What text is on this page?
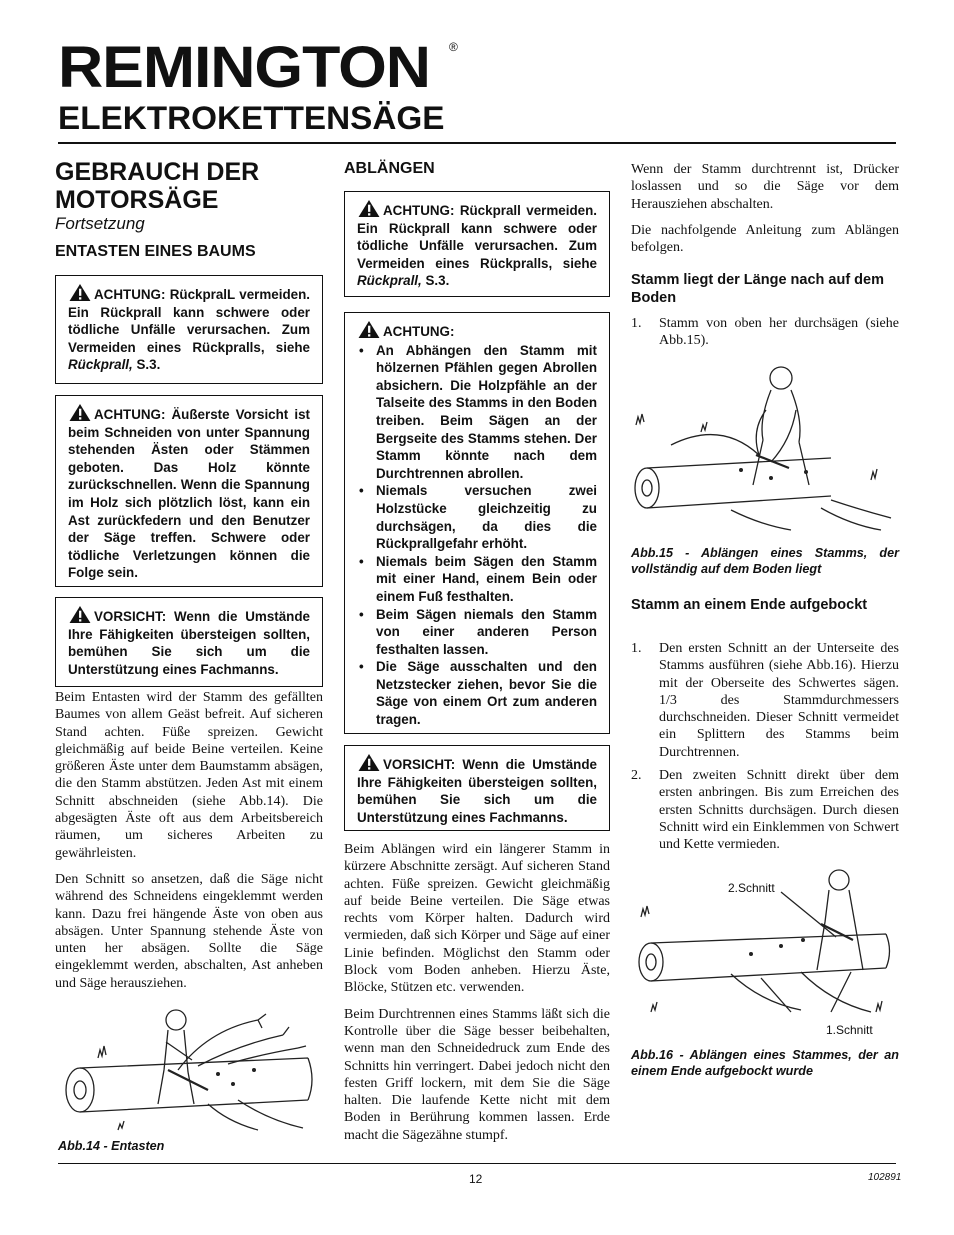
REMINGTON ®
ELEKTROKETTENSÄGE
GEBRAUCH DER
MOTORSÄGE
Fortsetzung
ENTASTEN EINES BAUMS
ACHTUNG: RückpralL vermeiden. Ein Rückprall kann schwere oder tödliche Unfälle verursachen. Zum Vermeiden eines Rückpralls, siehe Rückprall, S.3.
ACHTUNG: Äußerste Vorsicht ist beim Schneiden von unter Spannung stehenden Ästen oder Stämmen geboten. Das Holz könnte zurückschnellen. Wenn die Spannung im Holz sich plötzlich löst, kann ein Ast zurückfedern und den Benutzer der Säge treffen. Schwere oder tödliche Verletzungen können die Folge sein.
VORSICHT: Wenn die Umstände Ihre Fähigkeiten übersteigen sollten, bemühen Sie sich um die Unterstützung eines Fachmanns.

Beim Entasten wird der Stamm des gefällten Baumes von allem Geäst befreit. Auf sicheren Stand achten. Füße spreizen. Gewicht gleichmäßig auf beide Beine verteilen. Keine größeren Äste unter dem Baumstamm absägen, die den Stamm abstützen. Jeden Ast mit einem Schnitt abschneiden (siehe Abb.14). Die abgesägten Äste oft aus dem Arbeitsbereich räumen, um sicheres Arbeiten zu gewährleisten.

Den Schnitt so ansetzen, daß die Säge nicht während des Schneidens eingeklemmt werden kann. Dazu frei hängende Äste von oben aus absägen. Unter Spannung stehende Äste von unten her absägen. Sollte die Säge eingeklemmt werden, abschalten, Ast anheben und Säge herausziehen.

Abb.14 - Entasten
ABLÄNGEN
ACHTUNG: Rückprall vermeiden. Ein Rückprall kann schwere oder tödliche Unfälle verursachen. Zum Vermeiden eines Rückpralls, siehe Rückprall, S.3.
ACHTUNG:
• An Abhängen den Stamm mit hölzernen Pfählen gegen Abrollen absichern. Die Holzpfähle an der Talseite des Stamms in den Boden treiben. Beim Sägen an der Bergseite des Stamms stehen. Der Stamm könnte nach dem Durchtrennen abrollen.
• Niemals versuchen zwei Holzstücke gleichzeitig zu durchsägen, da dies die Rückprallgefahr erhöht.
• Niemals beim Sägen den Stamm mit einer Hand, einem Bein oder einem Fuß festhalten.
• Beim Sägen niemals den Stamm von einer anderen Person festhalten lassen.
• Die Säge ausschalten und den Netzstecker ziehen, bevor Sie die Säge von einem Ort zum anderen tragen.
VORSICHT: Wenn die Umstände Ihre Fähigkeiten übersteigen sollten, bemühen Sie sich um die Unterstützung eines Fachmanns.

Beim Ablängen wird ein längerer Stamm in kürzere Abschnitte zersägt. Auf sicheren Stand achten. Füße spreizen. Gewicht gleichmäßig auf beide Beine verteilen. Die Säge etwas rechts vom Körper halten. Dadurch wird vermieden, daß sich Körper und Säge auf einer Linie befinden. Möglichst den Stamm oder Block vom Boden anheben. Hierzu Äste, Blöcke, Stützen etc. verwenden.

Beim Durchtrennen eines Stamms läßt sich die Kontrolle über die Säge besser beibehalten, wenn man den Schneidedruck zum Ende des Schnitts hin verringert. Dabei jedoch nicht den festen Griff lockern, mit dem Sie die Säge halten. Die laufende Kette nicht mit dem Boden in Berührung kommen lassen. Erde macht die Sägezähne stumpf.

Wenn der Stamm durchtrennt ist, Drücker loslassen und so die Säge vor dem Herausziehen abschalten.

Die nachfolgende Anleitung zum Ablängen befolgen.

Stamm liegt der Länge nach auf dem Boden
1. Stamm von oben her durchsägen (siehe Abb.15).
Abb.15 - Ablängen eines Stamms, der vollständig auf dem Boden liegt
Stamm an einem Ende aufgebockt
1. Den ersten Schnitt an der Unterseite des Stamms ausführen (siehe Abb.16). Hierzu mit der Oberseite des Schwertes sägen. 1/3 des Stammdurchmessers durchschneiden. Dieser Schnitt vermeidet ein Splittern des Stamms beim Durchtrennen.
2. Den zweiten Schnitt direkt über dem ersten anbringen. Bis zum Erreichen des ersten Schnitts durchsägen. Durch diesen Schnitt wird ein Einklemmen von Schwert und Kette vermieden.
2.Schnitt
1.Schnitt
Abb.16 - Ablängen eines Stammes, der an einem Ende aufgebockt wurde
12	102891
